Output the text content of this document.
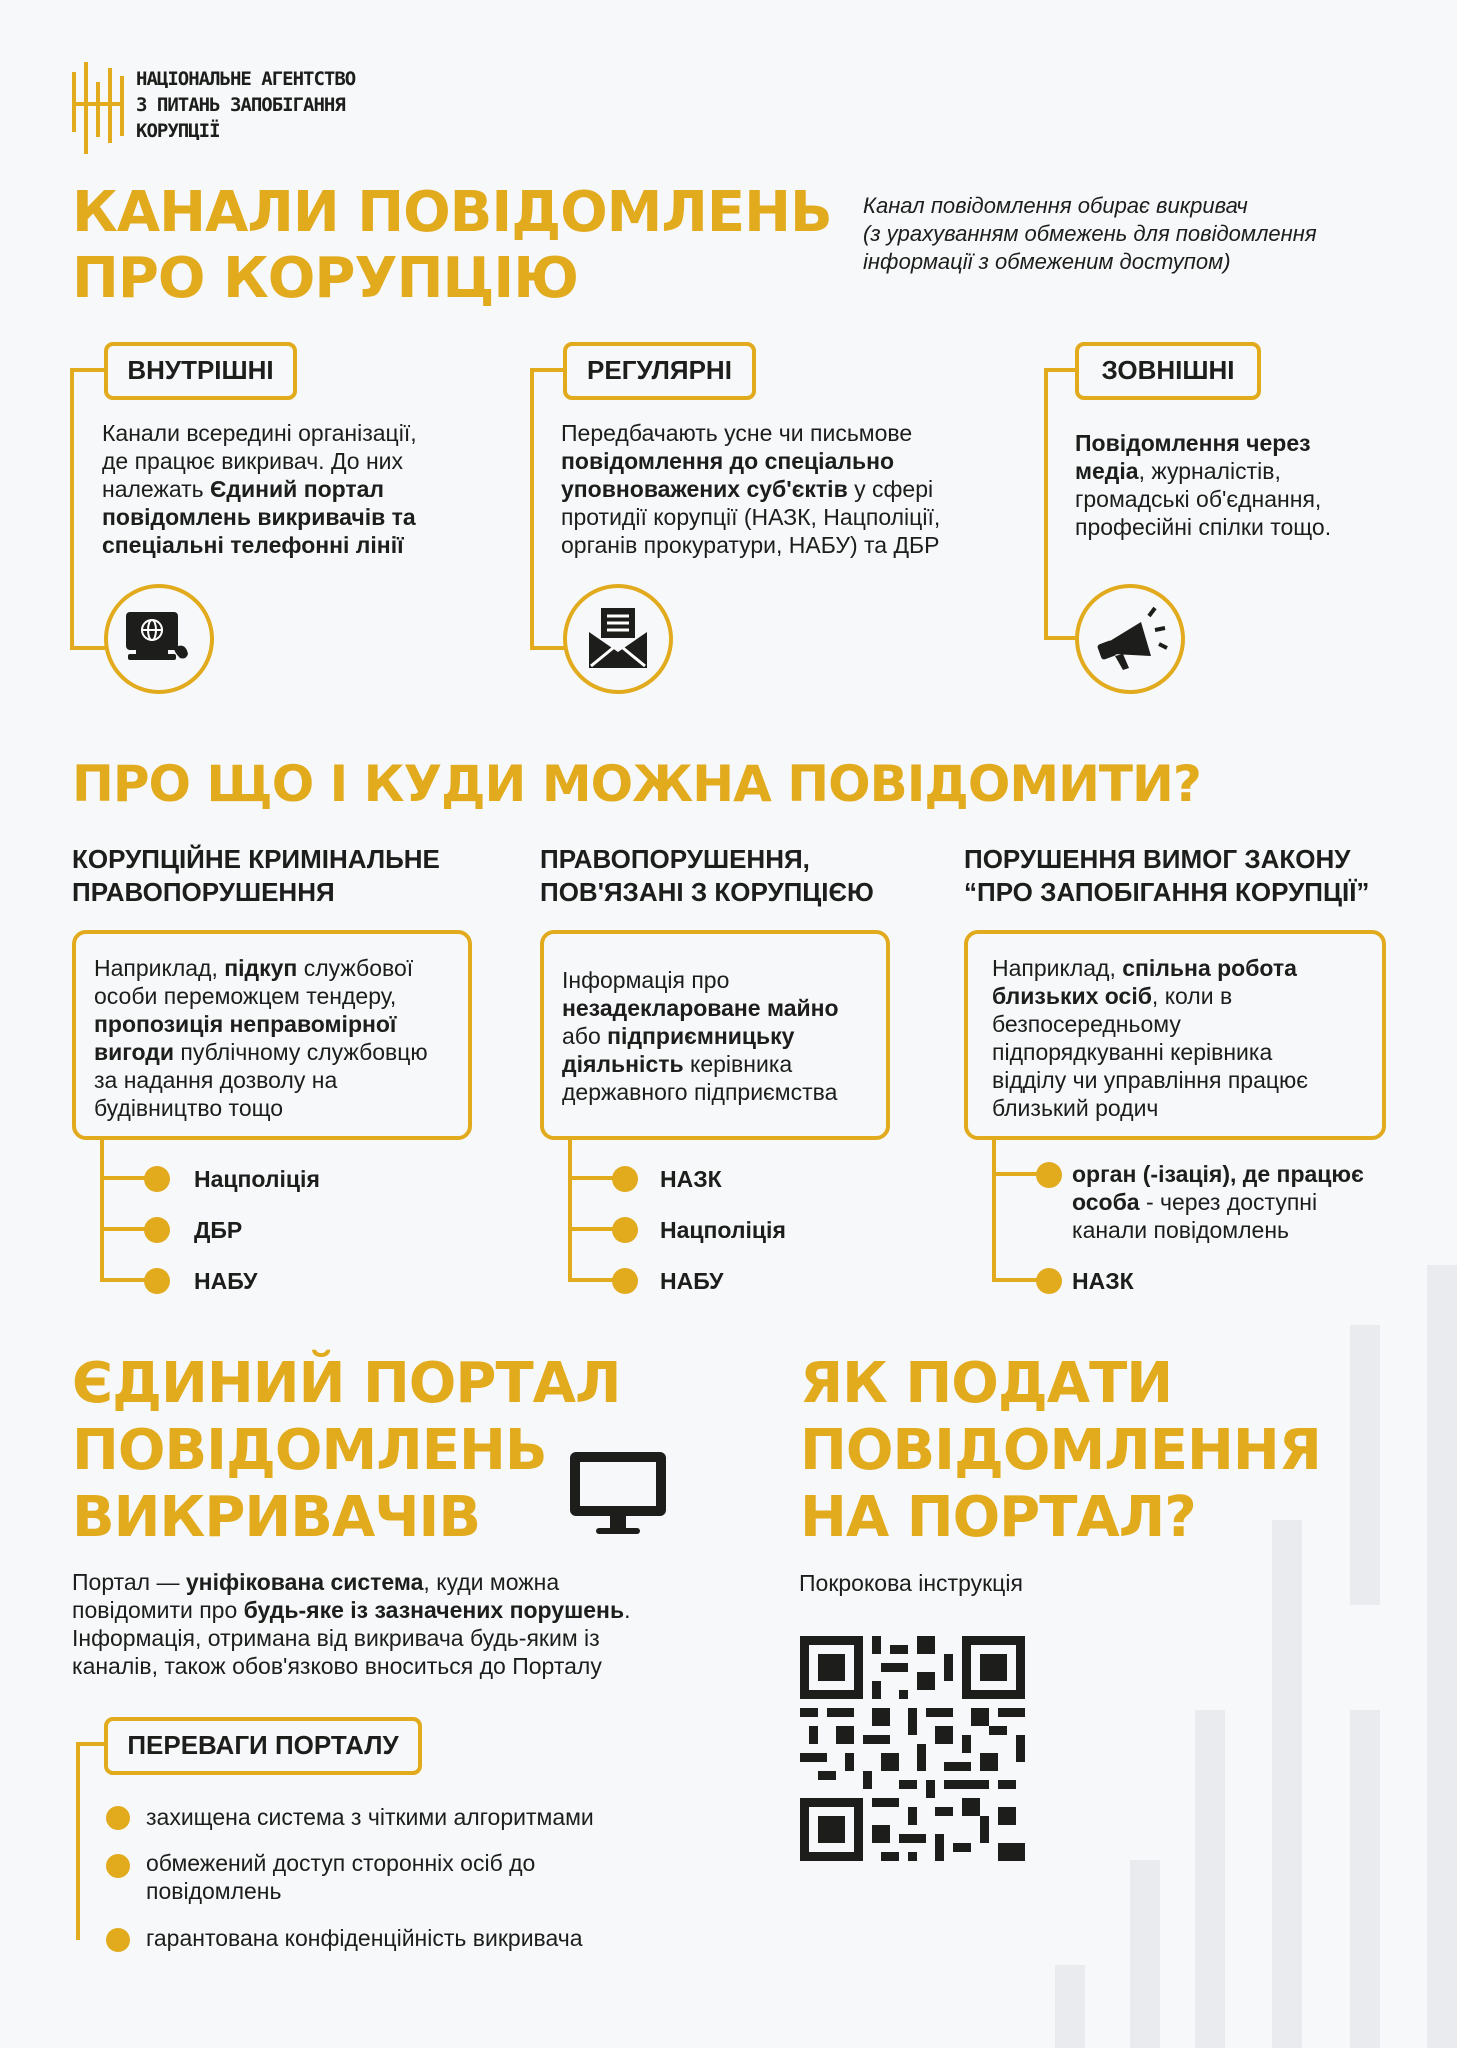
НАЦІОНАЛЬНЕ АГЕНТСТВО
З ПИТАНЬ ЗАПОБІГАННЯ
КОРУПЦІЇ
КАНАЛИ ПОВІДОМЛЕНЬ
ПРО КОРУПЦІЮ
Канал повідомлення обирає викривач
(з урахуванням обмежень для повідомлення
інформації з обмеженим доступом)
ВНУТРІШНІ
Канали всередині організації,
де працює викривач. До них
належать Єдиний портал
повідомлень викривачів та
спеціальні телефонні лінії
РЕГУЛЯРНІ
Передбачають усне чи письмове
повідомлення до спеціально
уповноважених суб'єктів у сфері
протидії корупції (НАЗК, Нацполіції,
органів прокуратури, НАБУ) та ДБР
ЗОВНІШНІ
Повідомлення через
медіа, журналістів,
громадські об'єднання,
професійні спілки тощо.
ПРО ЩО І КУДИ МОЖНА ПОВІДОМИТИ?
КОРУПЦІЙНЕ КРИМІНАЛЬНЕ
ПРАВОПОРУШЕННЯ
ПРАВОПОРУШЕННЯ,
ПОВ'ЯЗАНІ З КОРУПЦІЄЮ
ПОРУШЕННЯ ВИМОГ ЗАКОНУ
“ПРО ЗАПОБІГАННЯ КОРУПЦІЇ”
Наприклад, підкуп службової
особи переможцем тендеру,
пропозиція неправомірної
вигоди публічному службовцю
за надання дозволу на
будівництво тощо
Нацполіція
ДБР
НАБУ
Інформація про
незадекларoване майно
або підприємницьку
діяльність керівника
державного підприємства
НАЗК
Нацполіція
НАБУ
Наприклад, спільна робота
близьких осіб, коли в
безпосередньому
підпорядкуванні керівника
відділу чи управління працює
близький родич
орган (-ізація), де працює
особа - через доступні
канали повідомлень
НАЗК
ЄДИНИЙ ПОРТАЛ
ПОВІДОМЛЕНЬ
ВИКРИВАЧІВ
Портал — уніфікована система, куди можна
повідомити про будь-яке із зазначених порушень.
Інформація, отримана від викривача будь-яким із
каналів, також обов'язково вноситься до Порталу
ПЕРЕВАГИ ПОРТАЛУ
захищена система з чіткими алгоритмами
обмежений доступ сторонніх осіб до
повідомлень
гарантована конфіденційність викривача
ЯК ПОДАТИ
ПОВІДОМЛЕННЯ
НА ПОРТАЛ?
Покрокова інструкція
